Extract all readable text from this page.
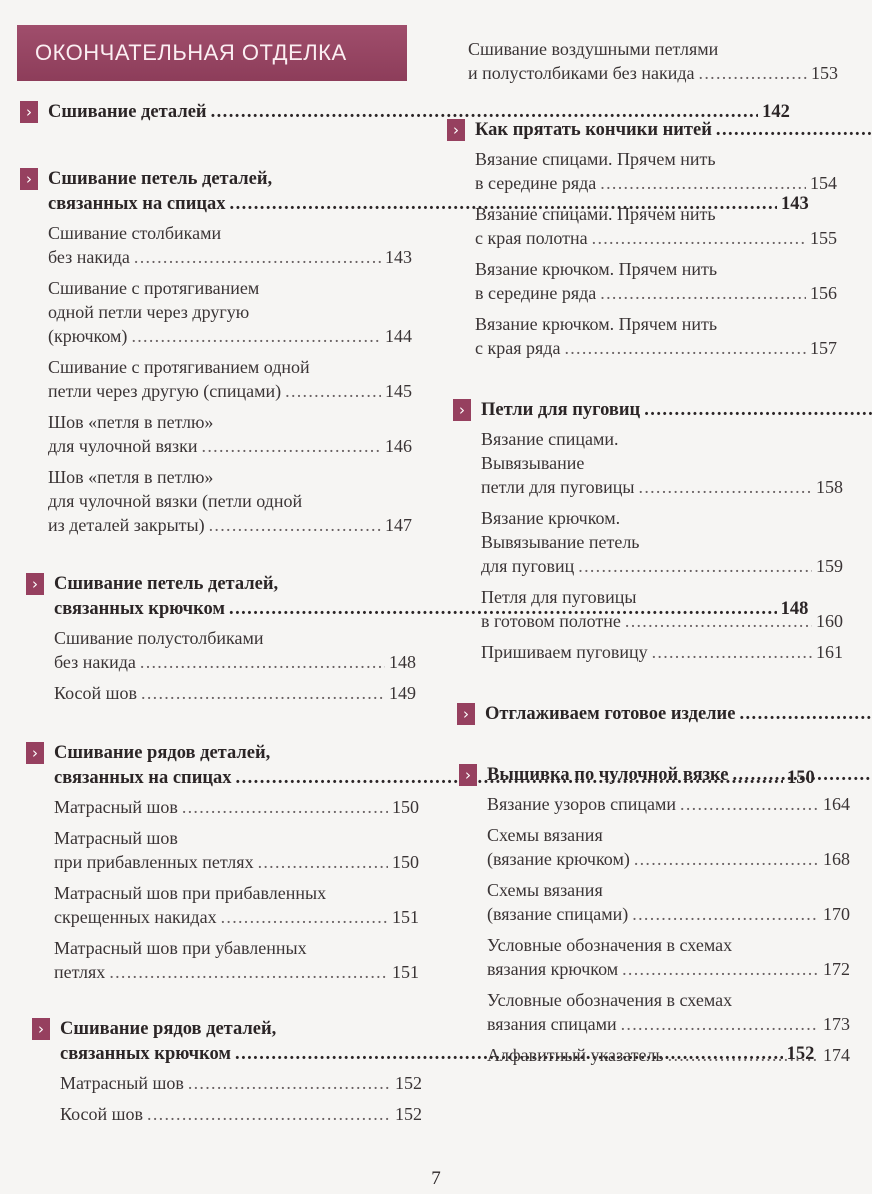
ОКОНЧАТЕЛЬНАЯ ОТДЕЛКА
› Сшивание деталей . . .	142
› Сшивание петель деталей,
связанных на спицах . . .	143
Сшивание столбиками
без накида . . .	143
Сшивание с протягиванием
одной петли через другую
(крючком) . . .	144
Сшивание с протягиванием одной
петли через другую (спицами) . . .	145
Шов «петля в петлю»
для чулочной вязки . . .	146
Шов «петля в петлю»
для чулочной вязки (петли одной
из деталей закрыты) . . .	147
› Сшивание петель деталей,
связанных крючком . . .	148
Сшивание полустолбиками
без накида . . .	148
Косой шов . . .	149
› Сшивание рядов деталей,
связанных на спицах . . .	150
Матрасный шов . . .	150
Матрасный шов
при прибавленных петлях . . .	150
Матрасный шов при прибавленных
скрещенных накидах . . .	151
Матрасный шов при убавленных
петлях . . .	151
› Сшивание рядов деталей,
связанных крючком . . .	152
Матрасный шов . . .	152
Косой шов . . .	152
Сшивание воздушными петлями
и полустолбиками без накида . . .	153
› Как прятать кончики нитей
. . .
Вязание спицами. Прячем нить
в середине ряда . . .	154
Вязание спицами. Прячем нить
с края полотна . . .	155
Вязание крючком. Прячем нить
в середине ряда . . .	156
Вязание крючком. Прячем нить
с края ряда . . .	157
› Петли для пуговиц
. . .
Вязание спицами.
Вывязывание
петли для пуговицы . . .	158
Вязание крючком.
Вывязывание петель
для пуговиц . . .	159
Петля для пуговицы
в готовом полотне . . .	160
Пришиваем пуговицу . . .	161
› Отглаживаем готовое изделие
. . .
› Вышивка по чулочной вязке
. . .
Вязание узоров спицами . . .	164
Схемы вязания
(вязание крючком) . . .	168
Схемы вязания
(вязание спицами) . . .	170
Условные обозначения в схемах
вязания крючком . . .	172
Условные обозначения в схемах
вязания спицами . . .	173
Алфавитный указатель . . .	174
7
